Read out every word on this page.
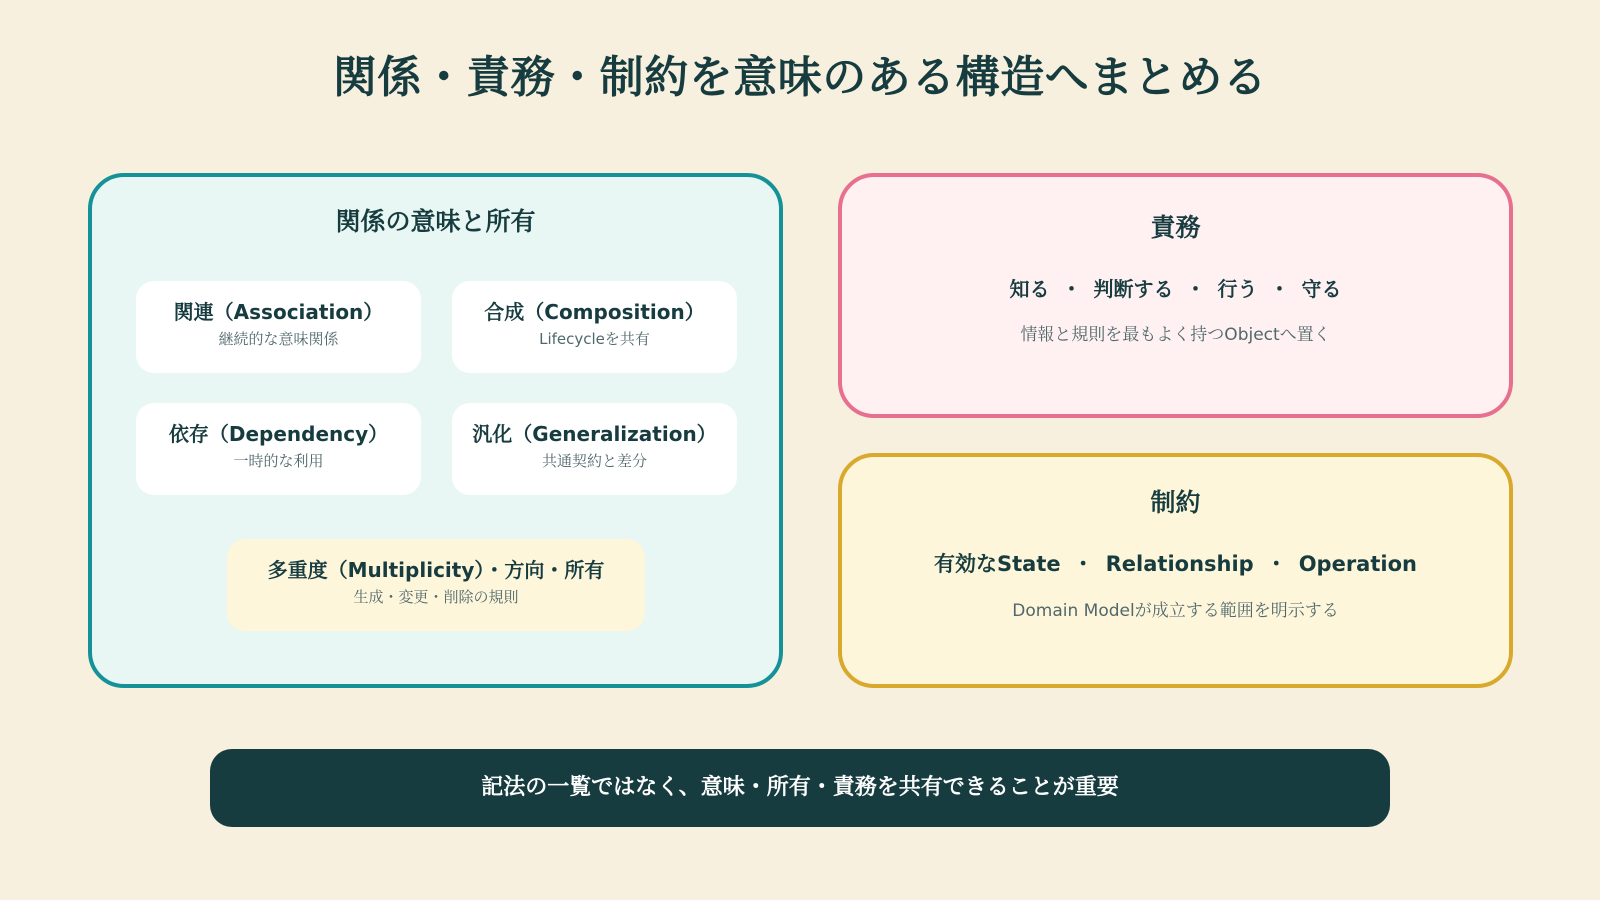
関係・責務・制約を意味のある構造へまとめる
関係の意味と所有
関連（Association）
継続的な意味関係
合成（Composition）
Lifecycleを共有
依存（Dependency）
一時的な利用
汎化（Generalization）
共通契約と差分
多重度（Multiplicity）・方向・所有
生成・変更・削除の規則
責務
知る ・ 判断する ・ 行う ・ 守る
情報と規則を最もよく持つObjectへ置く
制約
有効なState ・ Relationship ・ Operation
Domain Modelが成立する範囲を明示する
記法の一覧ではなく、意味・所有・責務を共有できることが重要
